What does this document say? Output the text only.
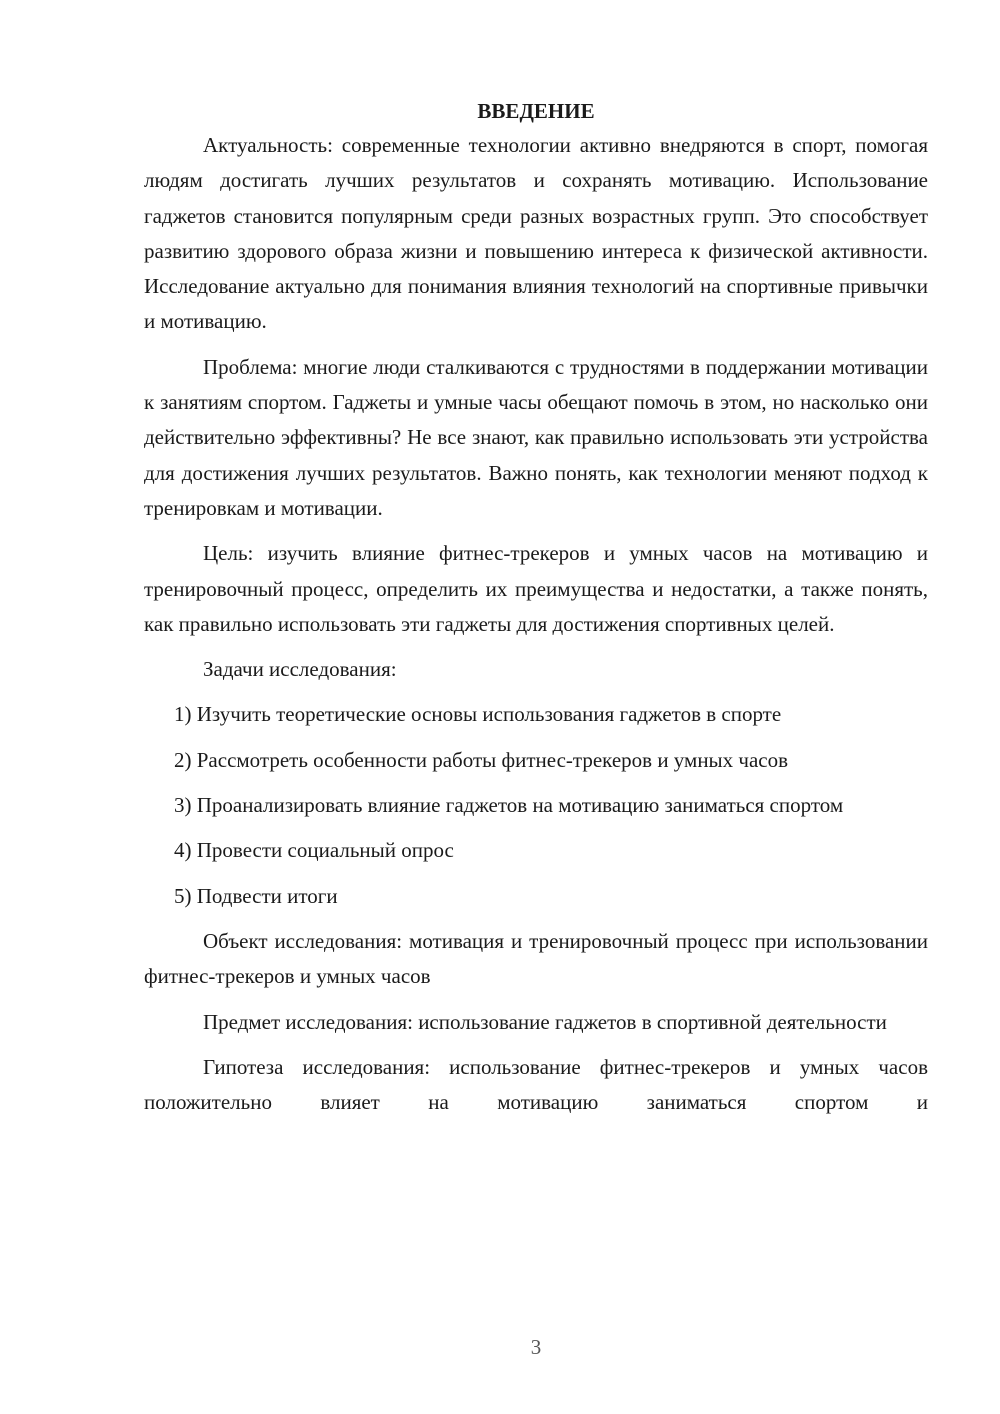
ВВЕДЕНИЕ

Актуальность: современные технологии активно внедряются в спорт, помогая людям достигать лучших результатов и сохранять мотивацию. Использование гаджетов становится популярным среди разных возрастных групп. Это способствует развитию здорового образа жизни и повышению интереса к физической активности. Исследование актуально для понимания влияния технологий на спортивные привычки и мотивацию.

Проблема: многие люди сталкиваются с трудностями в поддержании мотивации к занятиям спортом. Гаджеты и умные часы обещают помочь в этом, но насколько они действительно эффективны? Не все знают, как правильно использовать эти устройства для достижения лучших результатов. Важно понять, как технологии меняют подход к тренировкам и мотивации.

Цель: изучить влияние фитнес-трекеров и умных часов на мотивацию и тренировочный процесс, определить их преимущества и недостатки, а также понять, как правильно использовать эти гаджеты для достижения спортивных целей.

Задачи исследования:

1) Изучить теоретические основы использования гаджетов в спорте

2) Рассмотреть особенности работы фитнес-трекеров и умных часов

3) Проанализировать влияние гаджетов на мотивацию заниматься спортом

4) Провести социальный опрос

5) Подвести итоги

Объект исследования: мотивация и тренировочный процесс при использовании фитнес-трекеров и умных часов

Предмет исследования: использование гаджетов в спортивной деятельности

Гипотеза исследования: использование фитнес-трекеров и умных часов положительно влияет на мотивацию заниматься спортом и

3
